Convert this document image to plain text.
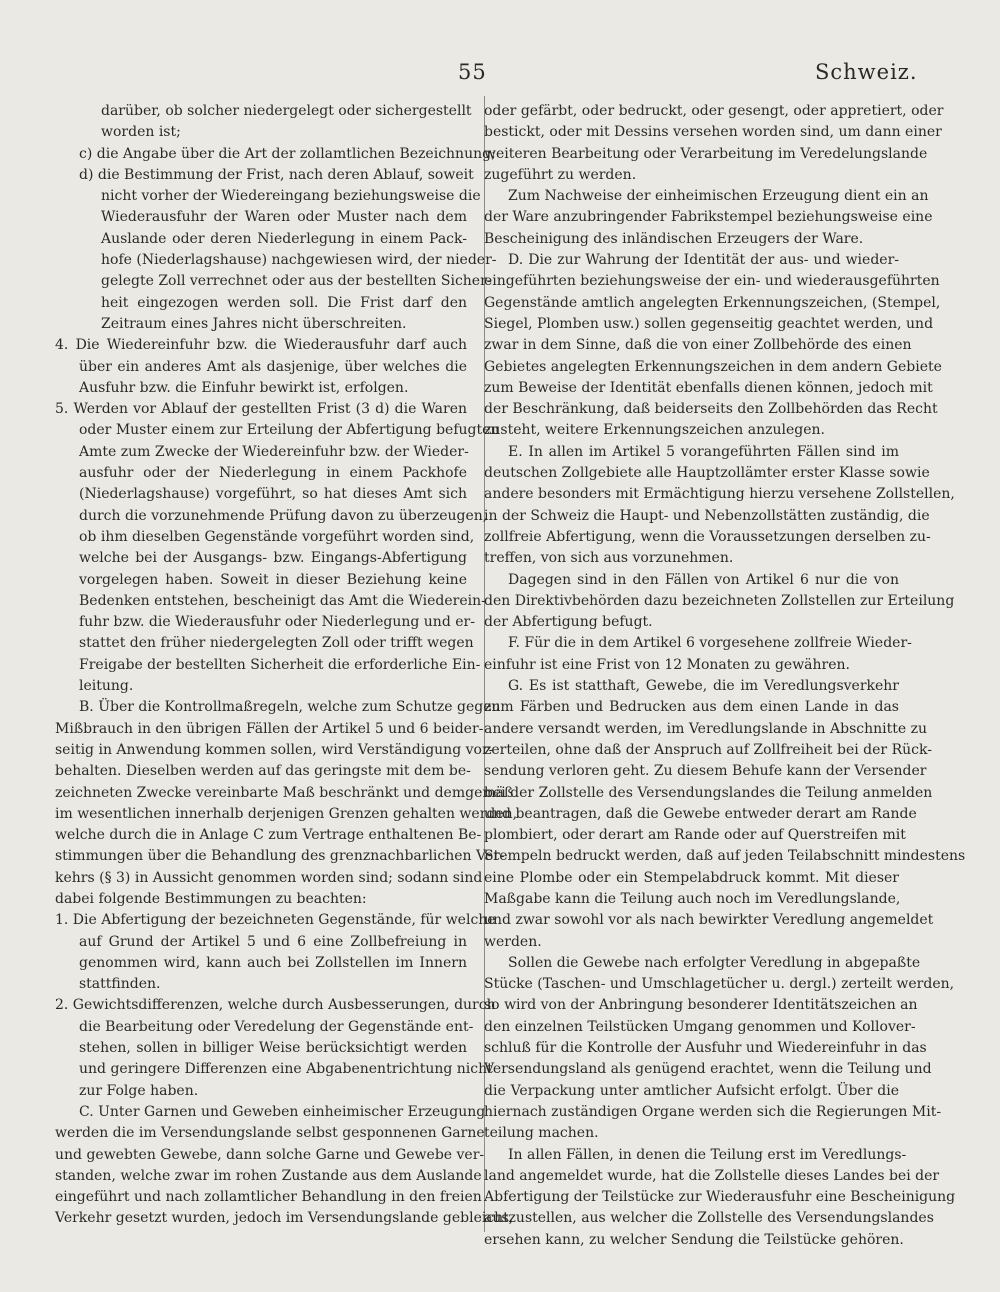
55	Schweiz.
darüber, ob solcher niedergelegt oder sichergestellt
worden ist;
c) die Angabe über die Art der zollamtlichen Bezeichnung;
d) die Bestimmung der Frist, nach deren Ablauf, soweit
nicht vorher der Wiedereingang beziehungsweise die
Wiederausfuhr der Waren oder Muster nach dem
Auslande oder deren Niederlegung in einem Pack-
hofe (Niederlagshause) nachgewiesen wird, der nieder-
gelegte Zoll verrechnet oder aus der bestellten Sicher-
heit eingezogen werden soll. Die Frist darf den
Zeitraum eines Jahres nicht überschreiten.
4. Die Wiedereinfuhr bzw. die Wiederausfuhr darf auch
über ein anderes Amt als dasjenige, über welches die
Ausfuhr bzw. die Einfuhr bewirkt ist, erfolgen.
5. Werden vor Ablauf der gestellten Frist (3 d) die Waren
oder Muster einem zur Erteilung der Abfertigung befugten
Amte zum Zwecke der Wiedereinfuhr bzw. der Wieder-
ausfuhr oder der Niederlegung in einem Packhofe
(Niederlagshause) vorgeführt, so hat dieses Amt sich
durch die vorzunehmende Prüfung davon zu überzeugen,
ob ihm dieselben Gegenstände vorgeführt worden sind,
welche bei der Ausgangs- bzw. Eingangs-Abfertigung
vorgelegen haben. Soweit in dieser Beziehung keine
Bedenken entstehen, bescheinigt das Amt die Wiederein-
fuhr bzw. die Wiederausfuhr oder Niederlegung und er-
stattet den früher niedergelegten Zoll oder trifft wegen
Freigabe der bestellten Sicherheit die erforderliche Ein-
leitung.
B. Über die Kontrollmaßregeln, welche zum Schutze gegen
Mißbrauch in den übrigen Fällen der Artikel 5 und 6 beider-
seitig in Anwendung kommen sollen, wird Verständigung vor-
behalten. Dieselben werden auf das geringste mit dem be-
zeichneten Zwecke vereinbarte Maß beschränkt und demgemäß
im wesentlichen innerhalb derjenigen Grenzen gehalten werden,
welche durch die in Anlage C zum Vertrage enthaltenen Be-
stimmungen über die Behandlung des grenznachbarlichen Ver-
kehrs (§ 3) in Aussicht genommen worden sind; sodann sind
dabei folgende Bestimmungen zu beachten:
1. Die Abfertigung der bezeichneten Gegenstände, für welche
auf Grund der Artikel 5 und 6 eine Zollbefreiung in
genommen wird, kann auch bei Zollstellen im Innern
stattfinden.
2. Gewichtsdifferenzen, welche durch Ausbesserungen, durch
die Bearbeitung oder Veredelung der Gegenstände ent-
stehen, sollen in billiger Weise berücksichtigt werden
und geringere Differenzen eine Abgabenentrichtung nicht
zur Folge haben.
C. Unter Garnen und Geweben einheimischer Erzeugung
werden die im Versendungslande selbst gesponnenen Garne
und gewebten Gewebe, dann solche Garne und Gewebe ver-
standen, welche zwar im rohen Zustande aus dem Auslande
eingeführt und nach zollamtlicher Behandlung in den freien
Verkehr gesetzt wurden, jedoch im Versendungslande gebleicht,
oder gefärbt, oder bedruckt, oder gesengt, oder appretiert, oder
bestickt, oder mit Dessins versehen worden sind, um dann einer
weiteren Bearbeitung oder Verarbeitung im Veredelungslande
zugeführt zu werden.
Zum Nachweise der einheimischen Erzeugung dient ein an
der Ware anzubringender Fabrikstempel beziehungsweise eine
Bescheinigung des inländischen Erzeugers der Ware.
D. Die zur Wahrung der Identität der aus- und wieder-
eingeführten beziehungsweise der ein- und wiederausgeführten
Gegenstände amtlich angelegten Erkennungszeichen, (Stempel,
Siegel, Plomben usw.) sollen gegenseitig geachtet werden, und
zwar in dem Sinne, daß die von einer Zollbehörde des einen
Gebietes angelegten Erkennungszeichen in dem andern Gebiete
zum Beweise der Identität ebenfalls dienen können, jedoch mit
der Beschränkung, daß beiderseits den Zollbehörden das Recht
zusteht, weitere Erkennungszeichen anzulegen.
E. In allen im Artikel 5 vorangeführten Fällen sind im
deutschen Zollgebiete alle Hauptzollämter erster Klasse sowie
andere besonders mit Ermächtigung hierzu versehene Zollstellen,
in der Schweiz die Haupt- und Nebenzollstätten zuständig, die
zollfreie Abfertigung, wenn die Voraussetzungen derselben zu-
treffen, von sich aus vorzunehmen.
Dagegen sind in den Fällen von Artikel 6 nur die von
den Direktivbehörden dazu bezeichneten Zollstellen zur Erteilung
der Abfertigung befugt.
F. Für die in dem Artikel 6 vorgesehene zollfreie Wieder-
einfuhr ist eine Frist von 12 Monaten zu gewähren.
G. Es ist statthaft, Gewebe, die im Veredlungsverkehr
zum Färben und Bedrucken aus dem einen Lande in das
andere versandt werden, im Veredlungslande in Abschnitte zu
zerteilen, ohne daß der Anspruch auf Zollfreiheit bei der Rück-
sendung verloren geht. Zu diesem Behufe kann der Versender
bei der Zollstelle des Versendungslandes die Teilung anmelden
und beantragen, daß die Gewebe entweder derart am Rande
plombiert, oder derart am Rande oder auf Querstreifen mit
Stempeln bedruckt werden, daß auf jeden Teilabschnitt mindestens
eine Plombe oder ein Stempelabdruck kommt. Mit dieser
Maßgabe kann die Teilung auch noch im Veredlungslande,
und zwar sowohl vor als nach bewirkter Veredlung angemeldet
werden.
Sollen die Gewebe nach erfolgter Veredlung in abgepaßte
Stücke (Taschen- und Umschlagetücher u. dergl.) zerteilt werden,
so wird von der Anbringung besonderer Identitätszeichen an
den einzelnen Teilstücken Umgang genommen und Kollover-
schluß für die Kontrolle der Ausfuhr und Wiedereinfuhr in das
Versendungsland als genügend erachtet, wenn die Teilung und
die Verpackung unter amtlicher Aufsicht erfolgt. Über die
hiernach zuständigen Organe werden sich die Regierungen Mit-
teilung machen.
In allen Fällen, in denen die Teilung erst im Veredlungs-
land angemeldet wurde, hat die Zollstelle dieses Landes bei der
Abfertigung der Teilstücke zur Wiederausfuhr eine Bescheinigung
auszustellen, aus welcher die Zollstelle des Versendungslandes
ersehen kann, zu welcher Sendung die Teilstücke gehören.
